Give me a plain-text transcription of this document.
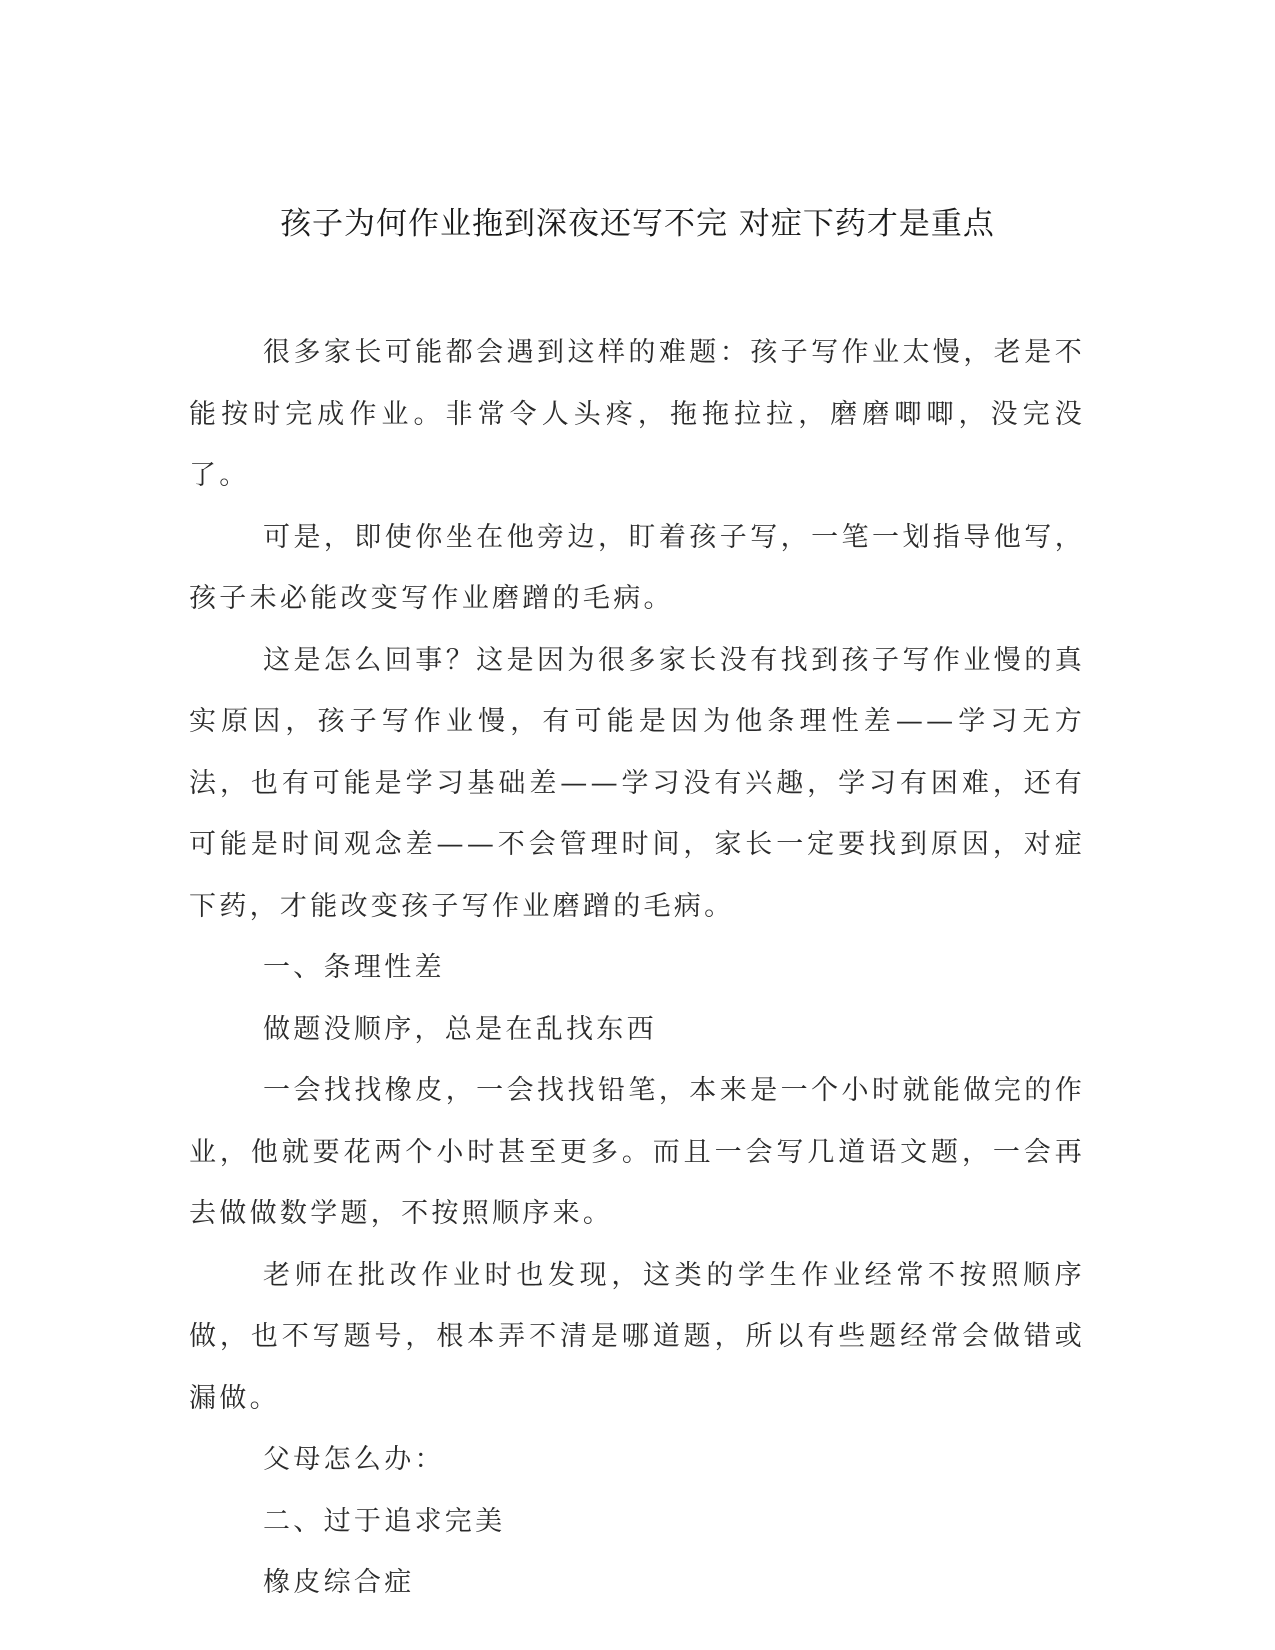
孩子为何作业拖到深夜还写不完 对症下药才是重点

很多家长可能都会遇到这样的难题：孩子写作业太慢，老是不能按时完成作业。非常令人头疼，拖拖拉拉，磨磨唧唧，没完没了。

可是，即使你坐在他旁边，盯着孩子写，一笔一划指导他写，孩子未必能改变写作业磨蹭的毛病。

这是怎么回事？这是因为很多家长没有找到孩子写作业慢的真实原因，孩子写作业慢，有可能是因为他条理性差——学习无方法，也有可能是学习基础差——学习没有兴趣，学习有困难，还有可能是时间观念差——不会管理时间，家长一定要找到原因，对症下药，才能改变孩子写作业磨蹭的毛病。

一、条理性差

做题没顺序，总是在乱找东西

一会找找橡皮，一会找找铅笔，本来是一个小时就能做完的作业，他就要花两个小时甚至更多。而且一会写几道语文题，一会再去做做数学题，不按照顺序来。

老师在批改作业时也发现，这类的学生作业经常不按照顺序做，也不写题号，根本弄不清是哪道题，所以有些题经常会做错或漏做。

父母怎么办：

二、过于追求完美

橡皮综合症
